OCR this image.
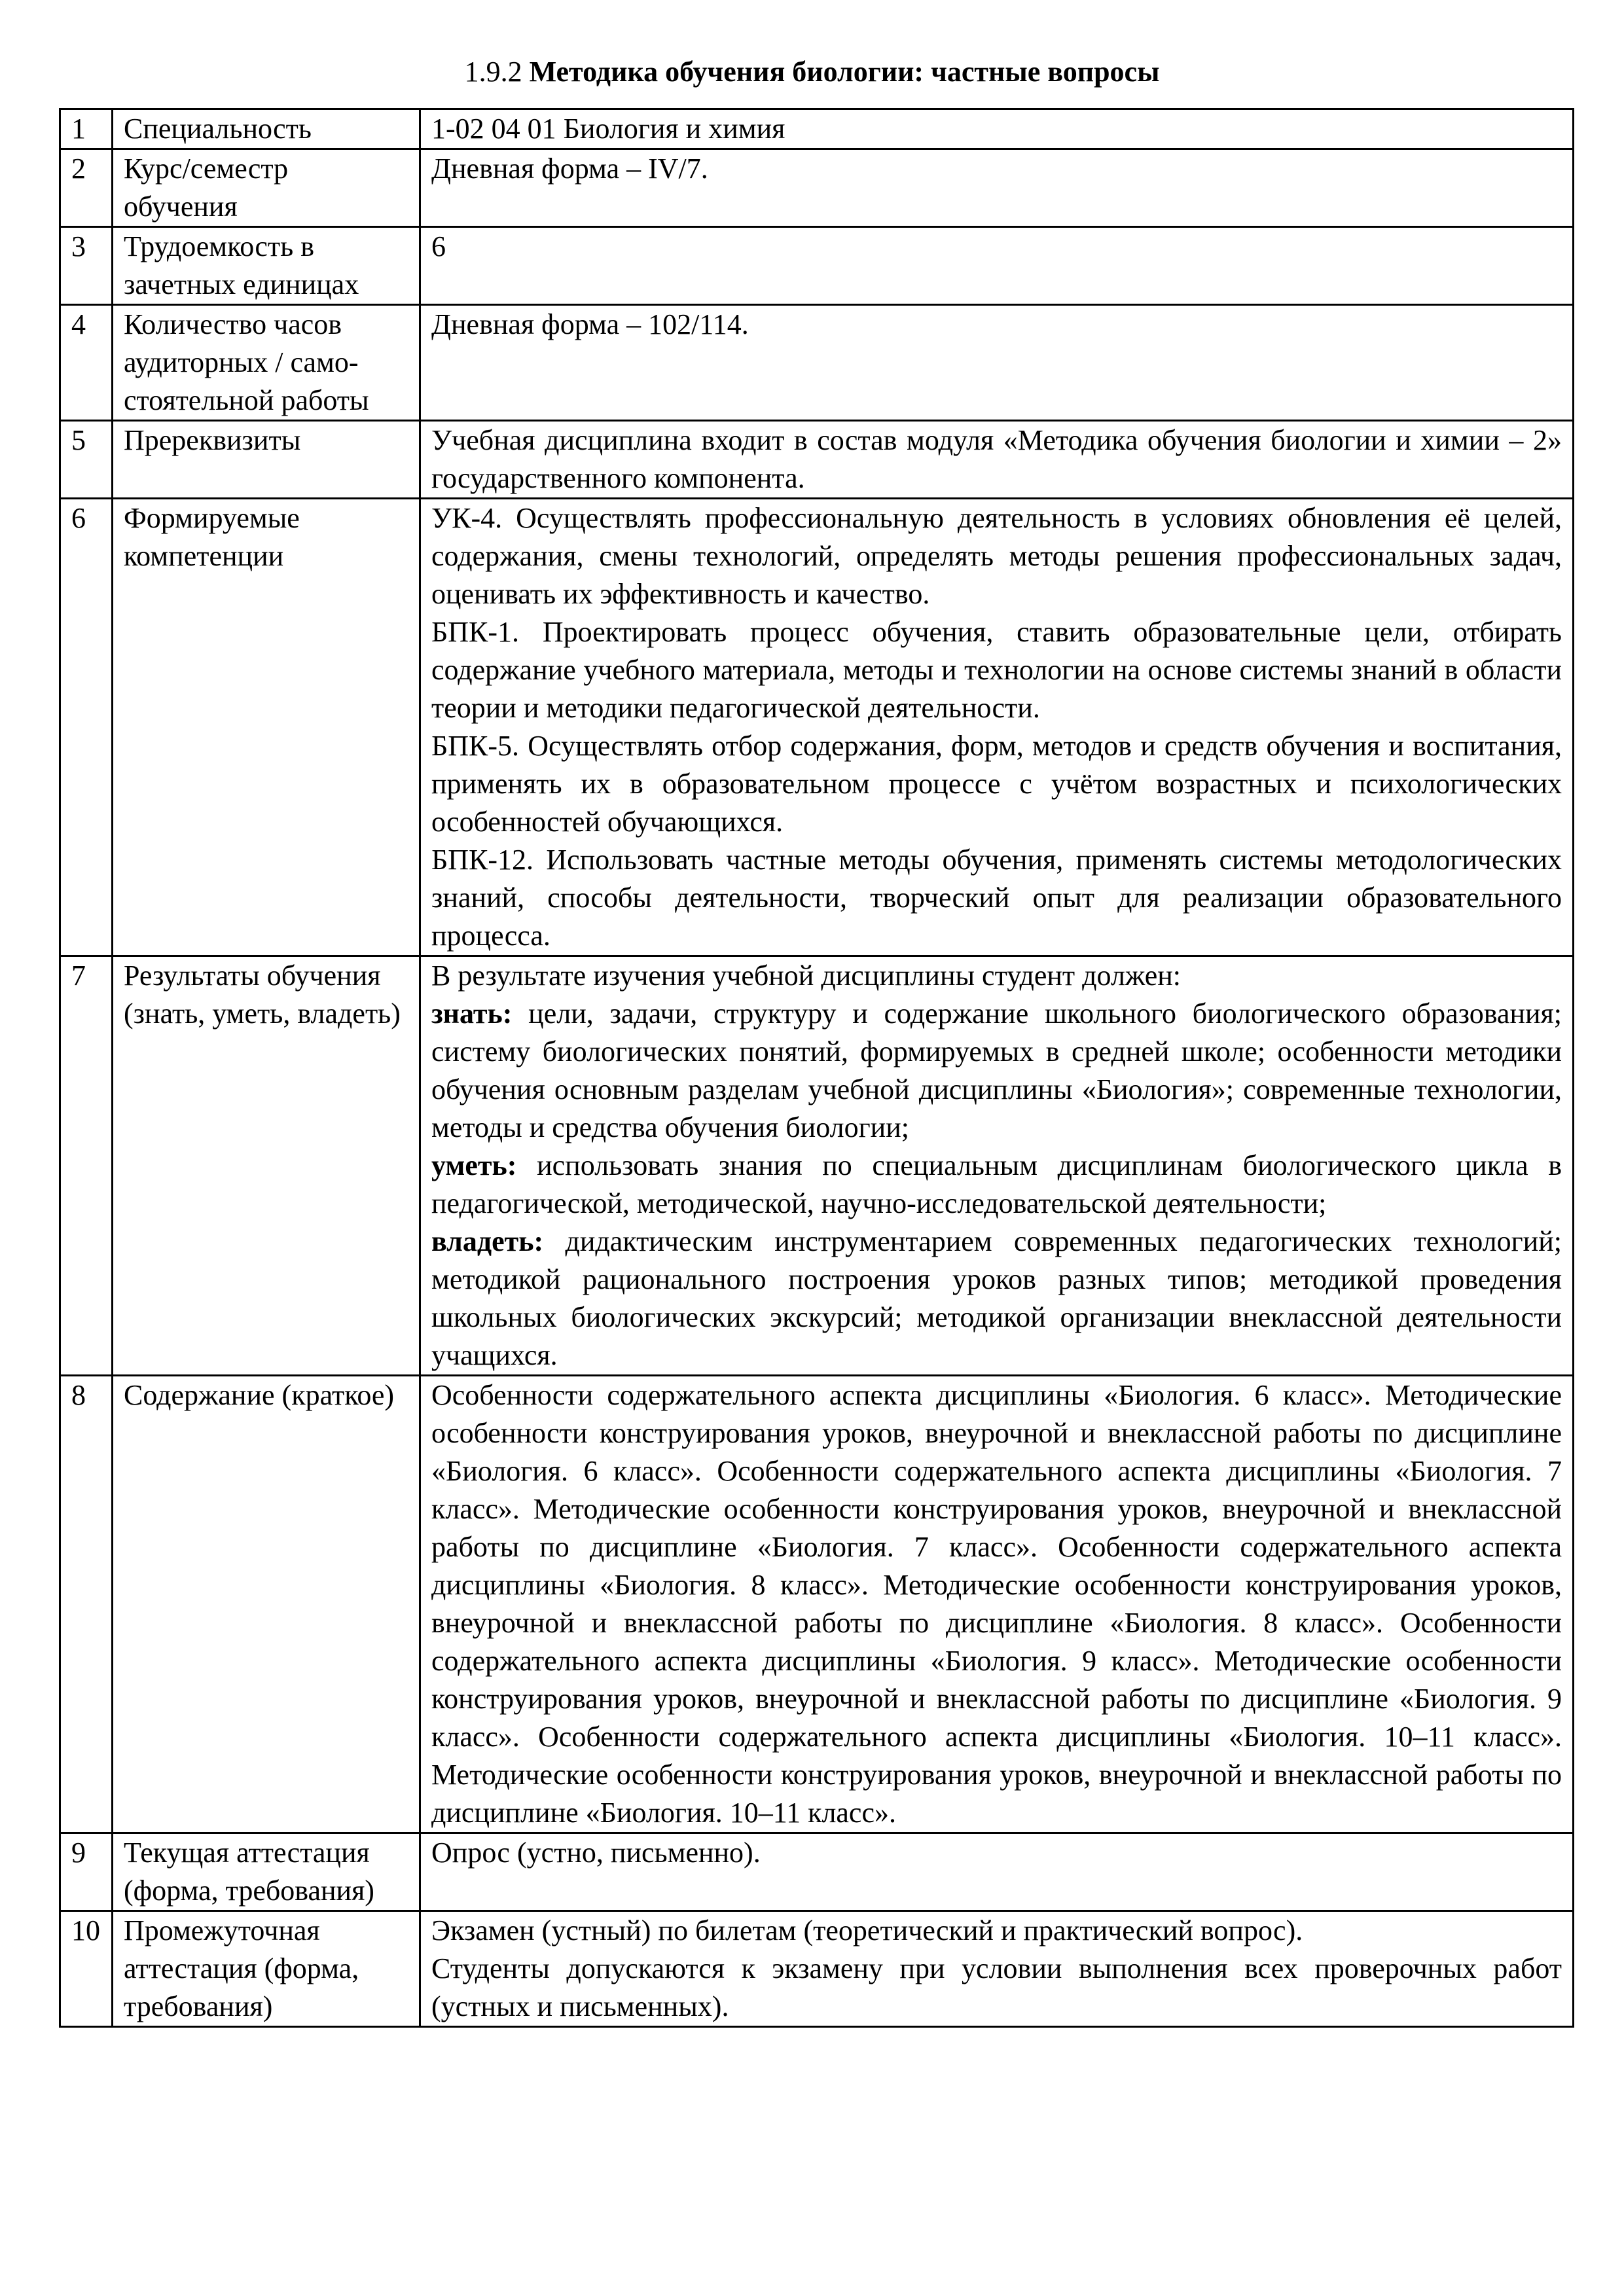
1.9.2 Методика обучения биологии: частные вопросы
1	Специальность	1-02 04 01 Биология и химия
2	Курс/семестр обучения	Дневная форма – IV/7.
3	Трудоемкость в зачетных единицах	6
4	Количество часов аудиторных / само-стоятельной работы	Дневная форма – 102/114.
5	Пререквизиты	Учебная дисциплина входит в состав модуля «Методика обучения биологии и химии – 2» государственного компонента.
6	Формируемые компетенции	УК-4. Осуществлять профессиональную деятельность в условиях обновления её целей, содержания, смены технологий, определять методы решения профессиональных задач, оценивать их эффективность и качество.
БПК-1. Проектировать процесс обучения, ставить образовательные цели, отбирать содержание учебного материала, методы и технологии на основе системы знаний в области теории и методики педагогической деятельности.
БПК-5. Осуществлять отбор содержания, форм, методов и средств обучения и воспитания, применять их в образовательном процессе с учётом возрастных и психологических особенностей обучающихся.
БПК-12. Использовать частные методы обучения, применять системы методологических знаний, способы деятельности, творческий опыт для реализации образовательного процесса.

7	Результаты обучения (знать, уметь, владеть)	В результате изучения учебной дисциплины студент должен:
знать: цели, задачи, структуру и содержание школьного биологического образования; систему биологических понятий, формируемых в средней школе; особенности методики обучения основным разделам учебной дисциплины «Биология»; современные технологии, методы и средства обучения биологии;
уметь: использовать знания по специальным дисциплинам биологического цикла в педагогической, методической, научно-исследовательской деятельности;
владеть: дидактическим инструментарием современных педагогических технологий; методикой рационального построения уроков разных типов; методикой проведения школьных биологических экскурсий; методикой организации внеклассной деятельности учащихся.

8	Содержание (краткое)	Особенности содержательного аспекта дисциплины «Биология. 6 класс». Методические особенности конструирования уроков, внеурочной и внеклассной работы по дисциплине «Биология. 6 класс». Особенности содержательного аспекта дисциплины «Биология. 7 класс». Методические особенности конструирования уроков, внеурочной и внеклассной работы по дисциплине «Биология. 7 класс». Особенности содержательного аспекта дисциплины «Биология. 8 класс». Методические особенности конструирования уроков, внеурочной и внеклассной работы по дисциплине «Биология. 8 класс». Особенности содержательного аспекта дисциплины «Биология. 9 класс». Методические особенности конструирования уроков, внеурочной и внеклассной работы по дисциплине «Биология. 9 класс». Особенности содержательного аспекта дисциплины «Биология. 10–11 класс». Методические особенности конструирования уроков, внеурочной и внеклассной работы по дисциплине «Биология. 10–11 класс».
9	Текущая аттестация (форма, требования)	Опрос (устно, письменно).
10	Промежуточная аттестация (форма, требования)	Экзамен (устный) по билетам (теоретический и практический вопрос).
Студенты допускаются к экзамену при условии выполнения всех проверочных работ (устных и письменных).
